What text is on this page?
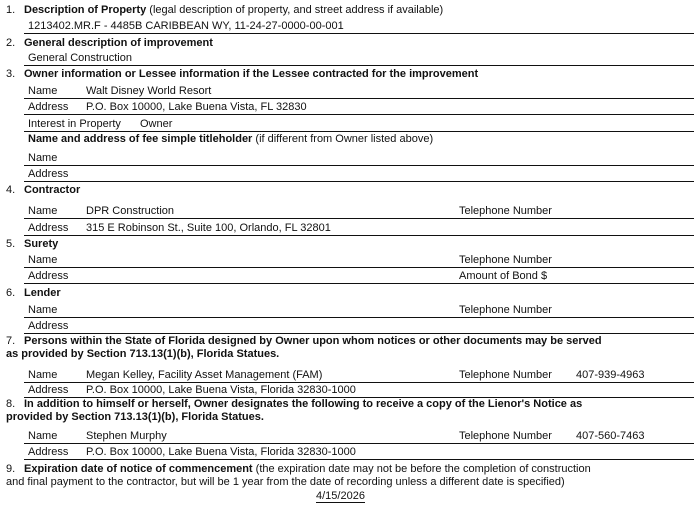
1. Description of Property (legal description of property, and street address if available)
1213402.MR.F - 4485B CARIBBEAN WY, 11-24-27-0000-00-001
2. General description of improvement
General Construction
3. Owner information or Lessee information if the Lessee contracted for the improvement
Name	Walt Disney World Resort
Address P.O. Box 10000, Lake Buena Vista, FL 32830
Interest in Property Owner
Name and address of fee simple titleholder (if different from Owner listed above)
Name
Address
4. Contractor
Name	DPR Construction	Telephone Number
Address 315 E Robinson St., Suite 100, Orlando, FL 32801
5. Surety
Name	Telephone Number
Address	Amount of Bond $
6. Lender
Name	Telephone Number
Address
7. Persons within the State of Florida designed by Owner upon whom notices or other documents may be served
as provided by Section 713.13(1)(b), Florida Statues.
Name	Megan Kelley, Facility Asset Management (FAM)	Telephone Number 407-939-4963
Address P.O. Box 10000, Lake Buena Vista, Florida 32830-1000
8. In addition to himself or herself, Owner designates the following to receive a copy of the Lienor's Notice as
provided by Section 713.13(1)(b), Florida Statues.
Name	Stephen Murphy	Telephone Number 407-560-7463
Address P.O. Box 10000, Lake Buena Vista, Florida 32830-1000
9. Expiration date of notice of commencement (the expiration date may not be before the completion of construction
and final payment to the contractor, but will be 1 year from the date of recording unless a different date is specified)
4/15/2026
